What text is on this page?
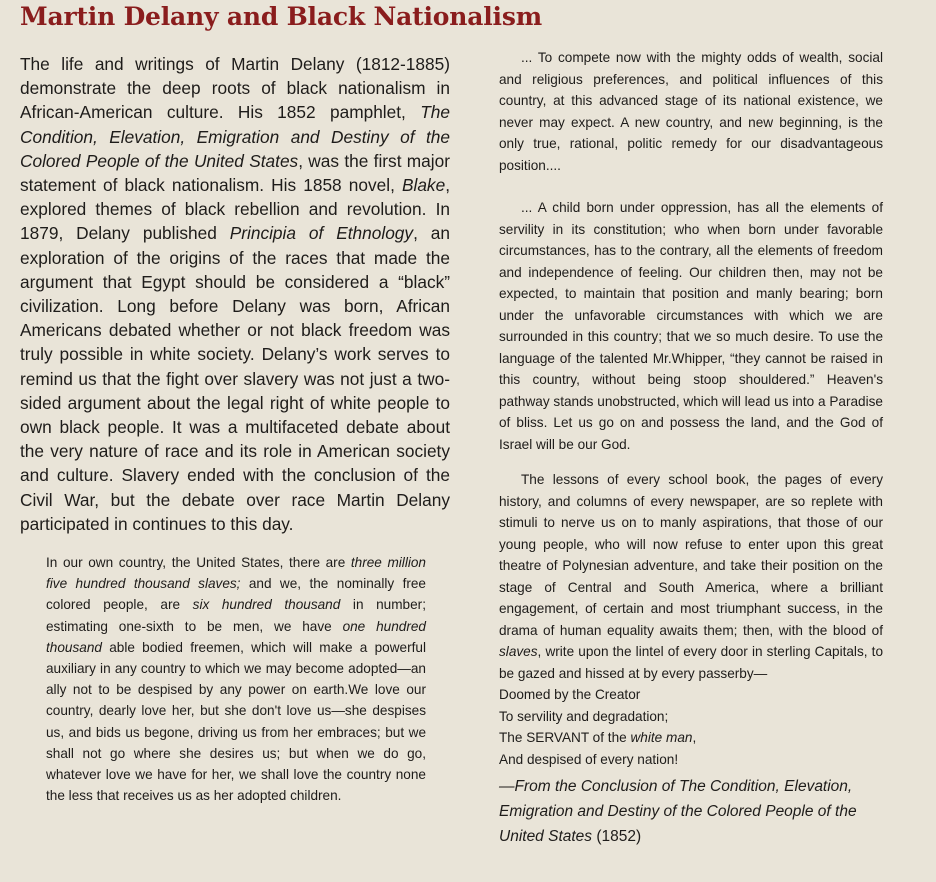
Martin Delany and Black Nationalism

The life and writings of Martin Delany (1812-1885) demonstrate the deep roots of black nationalism in African-American culture. His 1852 pamphlet, The Condition, Elevation, Emigration and Destiny of the Colored People of the United States, was the first major statement of black nationalism. His 1858 novel, Blake, explored themes of black rebellion and revolution. In 1879, Delany published Principia of Ethnology, an exploration of the origins of the races that made the argument that Egypt should be considered a “black” civilization. Long before Delany was born, African Americans debated whether or not black freedom was truly possible in white society. Delany’s work serves to remind us that the fight over slavery was not just a two-sided argument about the legal right of white people to own black people. It was a multifaceted debate about the very nature of race and its role in American society and culture. Slavery ended with the conclusion of the Civil War, but the debate over race Martin Delany participated in continues to this day.

In our own country, the United States, there are three million five hundred thousand slaves; and we, the nominally free colored people, are six hundred thousand in number; estimating one-sixth to be men, we have one hundred thousand able bodied freemen, which will make a powerful auxiliary in any country to which we may become adopted—an ally not to be despised by any power on earth.We love our country, dearly love her, but she don't love us—she despises us, and bids us begone, driving us from her embraces; but we shall not go where she desires us; but when we do go, whatever love we have for her, we shall love the country none the less that receives us as her adopted children.

... To compete now with the mighty odds of wealth, social and religious preferences, and political influences of this country, at this advanced stage of its national existence, we never may expect. A new country, and new beginning, is the only true, rational, politic remedy for our disadvantageous position....

... A child born under oppression, has all the elements of servility in its constitution; who when born under favorable circumstances, has to the contrary, all the elements of freedom and independence of feeling. Our children then, may not be expected, to maintain that position and manly bearing; born under the unfavorable circumstances with which we are surrounded in this country; that we so much desire. To use the language of the talented Mr.Whipper, “they cannot be raised in this country, without being stoop shouldered.” Heaven's pathway stands unobstructed, which will lead us into a Paradise of bliss. Let us go on and possess the land, and the God of Israel will be our God.

The lessons of every school book, the pages of every history, and columns of every newspaper, are so replete with stimuli to nerve us on to manly aspirations, that those of our young people, who will now refuse to enter upon this great theatre of Polynesian adventure, and take their position on the stage of Central and South America, where a brilliant engagement, of certain and most triumphant success, in the drama of human equality awaits them; then, with the blood of slaves, write upon the lintel of every door in sterling Capitals, to be gazed and hissed at by every passerby—

Doomed by the Creator

To servility and degradation;

The SERVANT of the white man,

And despised of every nation!

—From the Conclusion of The Condition, Elevation, Emigration and Destiny of the Colored People of the United States (1852)
